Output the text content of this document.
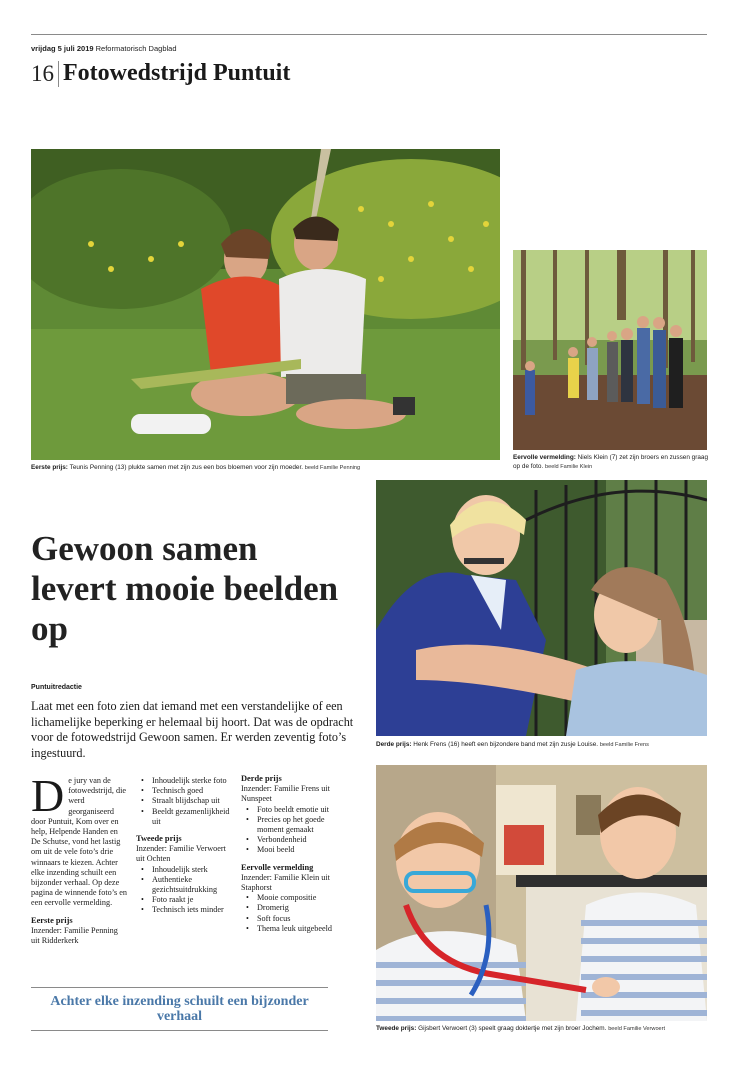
vrijdag 5 juli 2019 Reformatorisch Dagblad
16 Fotowedstrijd Puntuit
Eerste prijs: Teunis Penning (13) plukte samen met zijn zus een bos bloemen voor zijn moeder. beeld Familie Penning
Eervolle vermelding: Niels Klein (7) zet zijn broers en zussen graag op de foto. beeld Familie Klein
Derde prijs: Henk Frens (16) heeft een bijzondere band met zijn zusje Louise. beeld Familie Frens
Tweede prijs: Gijsbert Verwoert (3) speelt graag doktertje met zijn broer Jochem. beeld Familie Verwoert
Gewoon samen levert mooie beelden op
Puntuitredactie

Laat met een foto zien dat iemand met een verstandelijke of een lichamelijke beperking er helemaal bij hoort. Dat was de opdracht voor de fotowedstrijd Gewoon samen. Er werden zeventig foto’s ingestuurd.

D e jury van de fotowedstrijd, die werd georganiseerd door Puntuit, Kom over en help, Helpende Handen en De Schutse, vond het lastig om uit de vele foto’s drie winnaars te kiezen. Achter elke inzending schuilt een bijzonder verhaal. Op deze pagina de winnende foto’s en een eervolle vermelding.

Eerste prijs

Inzender: Familie Penning uit Ridderkerk

• Inhoudelijk sterke foto
• Technisch goed
• Straalt blijdschap uit
• Beeldt gezamenlijkheid uit
Tweede prijs

Inzender: Familie Verwoert uit Ochten

• Inhoudelijk sterk
• Authentieke gezichtsuitdrukking
• Foto raakt je
• Technisch iets minder
Derde prijs

Inzender: Familie Frens uit Nunspeet

• Foto beeldt emotie uit
• Precies op het goede moment gemaakt
• Verbondenheid
• Mooi beeld
Eervolle vermelding

Inzender: Familie Klein uit Staphorst

• Mooie compositie
• Dromerig
• Soft focus
• Thema leuk uitgebeeld
Achter elke inzending schuilt een bijzonder verhaal
